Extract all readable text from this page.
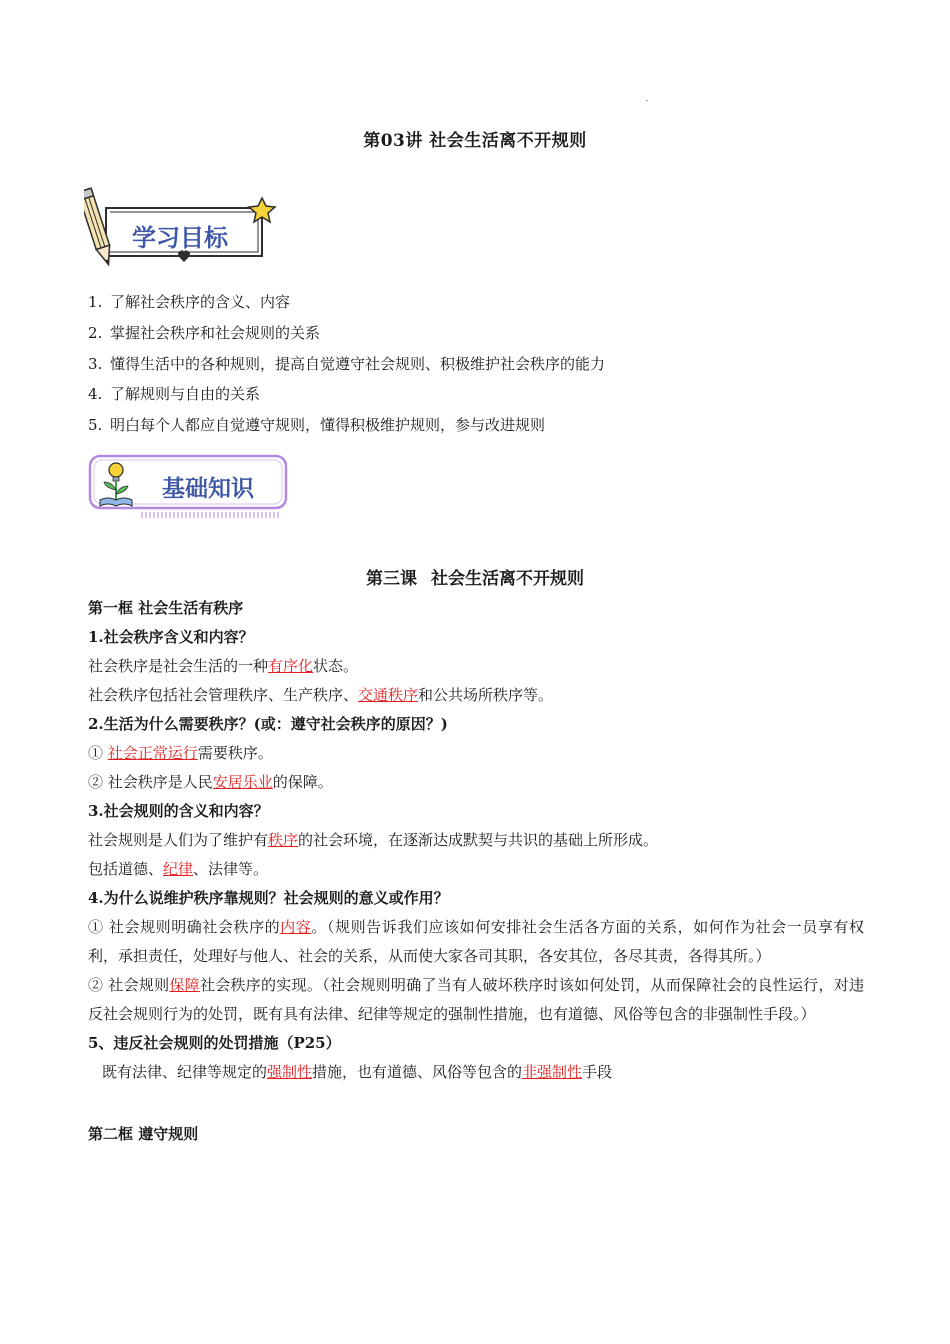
第03讲 社会生活离不开规则
学习目标
1. 了解社会秩序的含义、内容
2. 掌握社会秩序和社会规则的关系
3. 懂得生活中的各种规则，提高自觉遵守社会规则、积极维护社会秩序的能力
4. 了解规则与自由的关系
5. 明白每个人都应自觉遵守规则，懂得积极维护规则，参与改进规则
基础知识
第三课 社会生活离不开规则
第一框 社会生活有秩序
1.社会秩序含义和内容？
社会秩序是社会生活的一种有序化状态。
社会秩序包括社会管理秩序、生产秩序、交通秩序和公共场所秩序等。
2.生活为什么需要秩序？(或：遵守社会秩序的原因？)
① 社会正常运行需要秩序。
② 社会秩序是人民安居乐业的保障。
3.社会规则的含义和内容？
社会规则是人们为了维护有秩序的社会环境，在逐渐达成默契与共识的基础上所形成。
包括道德、纪律、法律等。
4.为什么说维护秩序靠规则？社会规则的意义或作用？
① 社会规则明确社会秩序的内容。（规则告诉我们应该如何安排社会生活各方面的关系，如何作为社会一员享有权利，承担责任，处理好与他人、社会的关系，从而使大家各司其职，各安其位，各尽其责，各得其所。）
② 社会规则保障社会秩序的实现。（社会规则明确了当有人破坏秩序时该如何处罚，从而保障社会的良性运行，对违反社会规则行为的处罚，既有具有法律、纪律等规定的强制性措施，也有道德、风俗等包含的非强制性手段。）
5、违反社会规则的处罚措施（P25）
既有法律、纪律等规定的强制性措施，也有道德、风俗等包含的非强制性手段
第二框 遵守规则
